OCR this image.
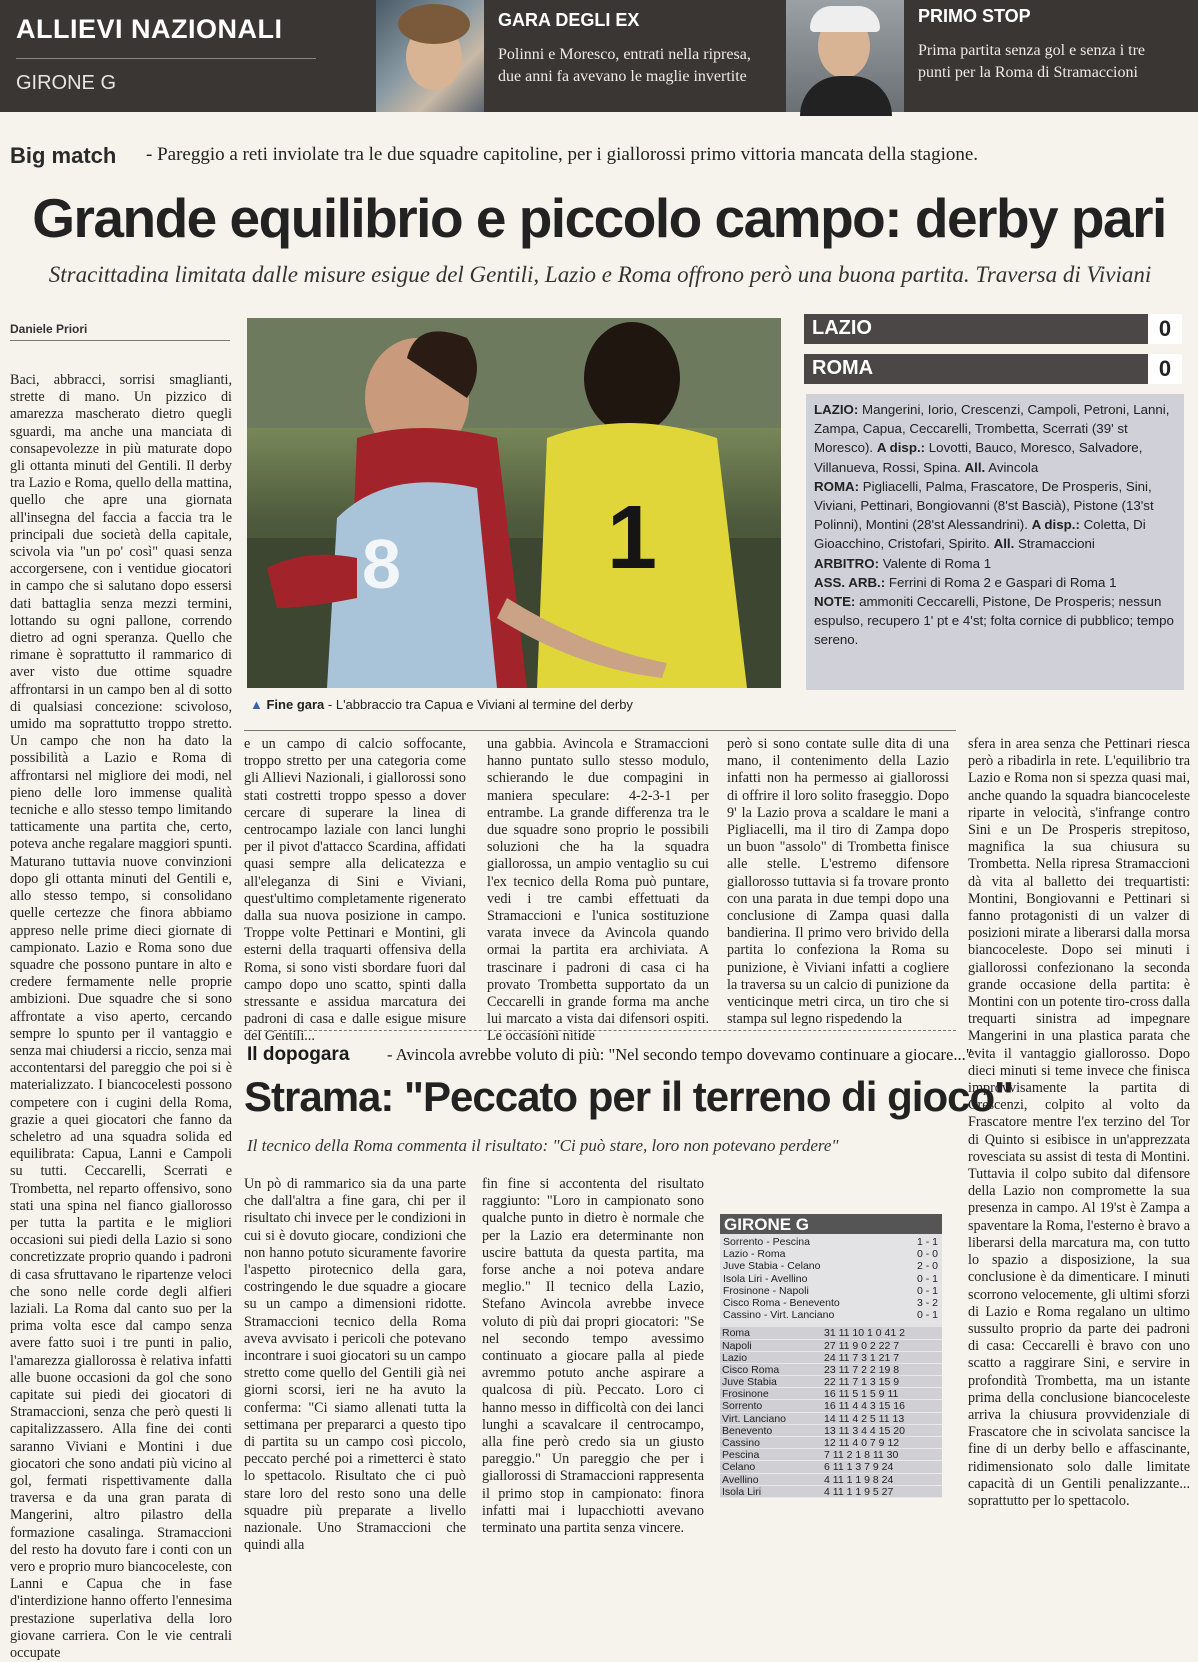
ALLIEVI NAZIONALI
GIRONE G
GARA DEGLI EX
Polinni e Moresco, entrati nella ripresa,
due anni fa avevano le maglie invertite
PRIMO STOP
Prima partita senza gol e senza i tre
punti per la Roma di Stramaccioni
Big match - Pareggio a reti inviolate tra le due squadre capitoline, per i giallorossi primo vittoria mancata della stagione.
Grande equilibrio e piccolo campo: derby pari
Stracittadina limitata dalle misure esigue del Gentili, Lazio e Roma offrono però una buona partita. Traversa di Viviani
Daniele Priori
Baci, abbracci, sorrisi smaglianti, strette di mano. Un pizzico di amarezza mascherato dietro quegli sguardi, ma anche una manciata di consapevolezze in più maturate dopo gli ottanta minuti del Gentili. Il derby tra Lazio e Roma, quello della mattina, quello che apre una giornata all'insegna del faccia a faccia tra le principali due società della capitale, scivola via "un po' così" quasi senza accorgersene, con i ventidue giocatori in campo che si salutano dopo essersi dati battaglia senza mezzi termini, lottando su ogni pallone, correndo dietro ad ogni speranza. Quello che rimane è soprattutto il rammarico di aver visto due ottime squadre affrontarsi in un campo ben al di sotto di qualsiasi concezione: scivoloso, umido ma soprattutto troppo stretto. Un campo che non ha dato la possibilità a Lazio e Roma di affrontarsi nel migliore dei modi, nel pieno delle loro immense qualità tecniche e allo stesso tempo limitando tatticamente una partita che, certo, poteva anche regalare maggiori spunti. Maturano tuttavia nuove convinzioni dopo gli ottanta minuti del Gentili e, allo stesso tempo, si consolidano quelle certezze che finora abbiamo appreso nelle prime dieci giornate di campionato. Lazio e Roma sono due squadre che possono puntare in alto e credere fermamente nelle proprie ambizioni. Due squadre che si sono affrontate a viso aperto, cercando sempre lo spunto per il vantaggio e senza mai chiudersi a riccio, senza mai accontentarsi del pareggio che poi si è materializzato. I biancocelesti possono competere con i cugini della Roma, grazie a quei giocatori che fanno da scheletro ad una squadra solida ed equilibrata: Capua, Lanni e Campoli su tutti. Ceccarelli, Scerrati e Trombetta, nel reparto offensivo, sono stati una spina nel fianco giallorosso per tutta la partita e le migliori occasioni sui piedi della Lazio si sono concretizzate proprio quando i padroni di casa sfruttavano le ripartenze veloci che sono nelle corde degli alfieri laziali. La Roma dal canto suo per la prima volta esce dal campo senza avere fatto suoi i tre punti in palio, l'amarezza giallorossa è relativa infatti alle buone occasioni da gol che sono capitate sui piedi dei giocatori di Stramaccioni, senza che però questi li capitalizzassero. Alla fine dei conti saranno Viviani e Montini i due giocatori che sono andati più vicino al gol, fermati rispettivamente dalla traversa e da una gran parata di Mangerini, altro pilastro della formazione casalinga. Stramaccioni del resto ha dovuto fare i conti con un vero e proprio muro biancoceleste, con Lanni e Capua che in fase d'interdizione hanno offerto l'ennesima prestazione superlativa della loro giovane carriera. Con le vie centrali occupate
8 1
▲ Fine gara - L'abbraccio tra Capua e Viviani al termine del derby
LAZIO	0
ROMA	0
LAZIO: Mangerini, Iorio, Crescenzi, Campoli, Petroni, Lanni, Zampa, Capua, Ceccarelli, Trombetta, Scerrati (39' st Moresco). A disp.: Lovotti, Bauco, Moresco, Salvadore, Villanueva, Rossi, Spina. All. Avincola
ROMA: Pigliacelli, Palma, Frascatore, De Prosperis, Sini, Viviani, Pettinari, Bongiovanni (8'st Bascià), Pistone (13'st Polinni), Montini (28'st Alessandrini). A disp.: Coletta, Di Gioacchino, Cristofari, Spirito. All. Stramaccioni
ARBITRO: Valente di Roma 1
ASS. ARB.: Ferrini di Roma 2 e Gaspari di Roma 1
NOTE: ammoniti Ceccarelli, Pistone, De Prosperis; nessun espulso, recupero 1' pt e 4'st; folta cornice di pubblico; tempo sereno.
e un campo di calcio soffocante, troppo stretto per una categoria come gli Allievi Nazionali, i giallorossi sono stati costretti troppo spesso a dover cercare di superare la linea di centrocampo laziale con lanci lunghi per il pivot d'attacco Scardina, affidati quasi sempre alla delicatezza e all'eleganza di Sini e Viviani, quest'ultimo completamente rigenerato dalla sua nuova posizione in campo. Troppe volte Pettinari e Montini, gli esterni della traquarti offensiva della Roma, si sono visti sbordare fuori dal campo dopo uno scatto, spinti dalla stressante e assidua marcatura dei padroni di casa e dalle esigue misure del Gentili...
una gabbia. Avincola e Stramaccioni hanno puntato sullo stesso modulo, schierando le due compagini in maniera speculare: 4-2-3-1 per entrambe. La grande differenza tra le due squadre sono proprio le possibili soluzioni che ha la squadra giallorossa, un ampio ventaglio su cui l'ex tecnico della Roma può puntare, vedi i tre cambi effettuati da Stramaccioni e l'unica sostituzione varata invece da Avincola quando ormai la partita era archiviata. A trascinare i padroni di casa ci ha provato Trombetta supportato da un Ceccarelli in grande forma ma anche lui marcato a vista dai difensori ospiti. Le occasioni nitide
però si sono contate sulle dita di una mano, il contenimento della Lazio infatti non ha permesso ai giallorossi di offrire il loro solito fraseggio. Dopo 9' la Lazio prova a scaldare le mani a Pigliacelli, ma il tiro di Zampa dopo un buon "assolo" di Trombetta finisce alle stelle. L'estremo difensore giallorosso tuttavia si fa trovare pronto con una parata in due tempi dopo una conclusione di Zampa quasi dalla bandierina. Il primo vero brivido della partita lo confeziona la Roma su punizione, è Viviani infatti a cogliere la traversa su un calcio di punizione da venticinque metri circa, un tiro che si stampa sul legno rispedendo la
sfera in area senza che Pettinari riesca però a ribadirla in rete. L'equilibrio tra Lazio e Roma non si spezza quasi mai, anche quando la squadra biancoceleste riparte in velocità, s'infrange contro Sini e un De Prosperis strepitoso, magnifica la sua chiusura su Trombetta. Nella ripresa Stramaccioni dà vita al balletto dei trequartisti: Montini, Bongiovanni e Pettinari si fanno protagonisti di un valzer di posizioni mirate a liberarsi dalla morsa biancoceleste. Dopo sei minuti i giallorossi confezionano la seconda grande occasione della partita: è Montini con un potente tiro-cross dalla trequarti sinistra ad impegnare Mangerini in una plastica parata che evita il vantaggio giallorosso. Dopo dieci minuti si teme invece che finisca improvvisamente la partita di Crescenzi, colpito al volto da Frascatore mentre l'ex terzino del Tor di Quinto si esibisce in un'apprezzata rovesciata su assist di testa di Montini. Tuttavia il colpo subito dal difensore della Lazio non compromette la sua presenza in campo. Al 19'st è Zampa a spaventare la Roma, l'esterno è bravo a liberarsi della marcatura ma, con tutto lo spazio a disposizione, la sua conclusione è da dimenticare. I minuti scorrono velocemente, gli ultimi sforzi di Lazio e Roma regalano un ultimo sussulto proprio da parte dei padroni di casa: Ceccarelli è bravo con uno scatto a raggirare Sini, e servire in profondità Trombetta, ma un istante prima della conclusione biancoceleste arriva la chiusura provvidenziale di Frascatore che in scivolata sancisce la fine di un derby bello e affascinante, ridimensionato solo dalle limitate capacità di un Gentili penalizzante... soprattutto per lo spettacolo.
Il dopogara - Avincola avrebbe voluto di più: "Nel secondo tempo dovevamo continuare a giocare..."
Strama: "Peccato per il terreno di gioco"
Il tecnico della Roma commenta il risultato: "Ci può stare, loro non potevano perdere"
Un pò di rammarico sia da una parte che dall'altra a fine gara, chi per il risultato chi invece per le condizioni in cui si è dovuto giocare, condizioni che non hanno potuto sicuramente favorire l'aspetto pirotecnico della gara, costringendo le due squadre a giocare su un campo a dimensioni ridotte. Stramaccioni tecnico della Roma aveva avvisato i pericoli che potevano incontrare i suoi giocatori su un campo stretto come quello del Gentili già nei giorni scorsi, ieri ne ha avuto la conferma: "Ci siamo allenati tutta la settimana per prepararci a questo tipo di partita su un campo così piccolo, peccato perché poi a rimetterci è stato lo spettacolo. Risultato che ci può stare loro del resto sono una delle squadre più preparate a livello nazionale. Uno Stramaccioni che quindi alla
fin fine si accontenta del risultato raggiunto: "Loro in campionato sono qualche punto in dietro è normale che per la Lazio era determinante non uscire battuta da questa partita, ma forse anche a noi poteva andare meglio." Il tecnico della Lazio, Stefano Avincola avrebbe invece voluto di più dai propri giocatori: "Se nel secondo tempo avessimo continuato a giocare palla al piede avremmo potuto anche aspirare a qualcosa di più. Peccato. Loro ci hanno messo in difficoltà con dei lanci lunghi a scavalcare il centrocampo, alla fine però credo sia un giusto pareggio." Un pareggio che per i giallorossi di Stramaccioni rappresenta il primo stop in campionato: finora infatti mai i lupacchiotti avevano terminato una partita senza vincere.
GIRONE G
Sorrento - Pescina	1 - 1
Lazio - Roma	0 - 0
Juve Stabia - Celano	2 - 0
Isola Liri - Avellino	0 - 1
Frosinone - Napoli	0 - 1
Cisco Roma - Benevento	3 - 2
Cassino - Virt. Lanciano	0 - 1
Roma	31 11 10 1 0 41 2
Napoli	27 11 9 0 2 22 7
Lazio	24 11 7 3 1 21 7
Cisco Roma	23 11 7 2 2 19 8
Juve Stabia	22 11 7 1 3 15 9
Frosinone	16 11 5 1 5 9 11
Sorrento	16 11 4 4 3 15 16
Virt. Lanciano	14 11 4 2 5 11 13
Benevento	13 11 3 4 4 15 20
Cassino	12 11 4 0 7 9 12
Pescina	7 11 2 1 8 11 30
Celano	6 11 1 3 7 9 24
Avellino	4 11 1 1 9 8 24
Isola Liri	4 11 1 1 9 5 27
